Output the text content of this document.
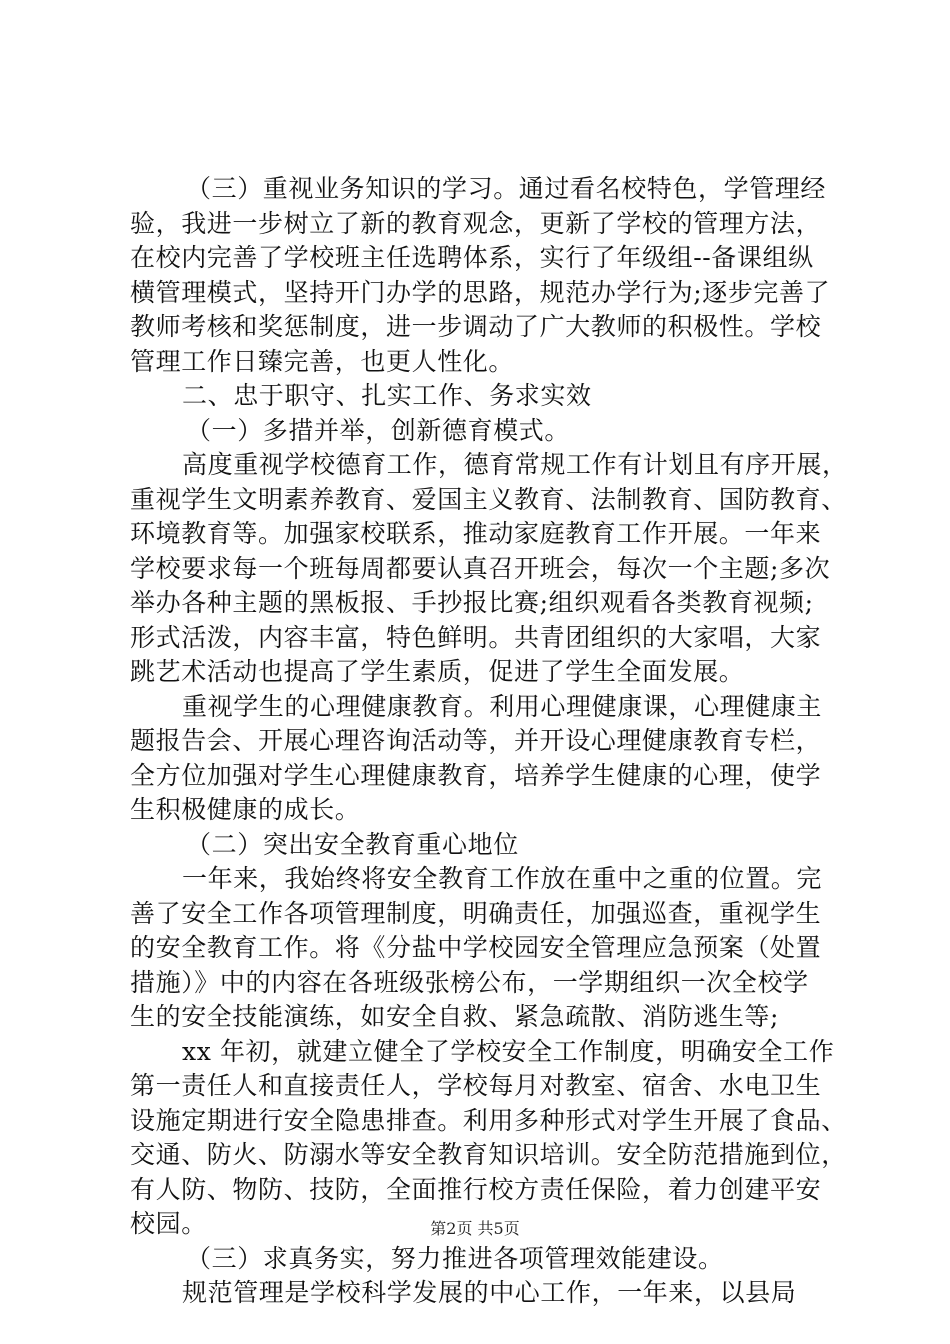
（三）重视业务知识的学习。通过看名校特色，学管理经
验，我进一步树立了新的教育观念，更新了学校的管理方法，
在校内完善了学校班主任选聘体系，实行了年级组--备课组纵
横管理模式，坚持开门办学的思路，规范办学行为;逐步完善了
教师考核和奖惩制度，进一步调动了广大教师的积极性。学校
管理工作日臻完善，也更人性化。
二、忠于职守、扎实工作、务求实效
（一）多措并举，创新德育模式。
高度重视学校德育工作，德育常规工作有计划且有序开展，
重视学生文明素养教育、爱国主义教育、法制教育、国防教育、
环境教育等。加强家校联系，推动家庭教育工作开展。一年来
学校要求每一个班每周都要认真召开班会，每次一个主题;多次
举办各种主题的黑板报、手抄报比赛;组织观看各类教育视频;
形式活泼，内容丰富，特色鲜明。共青团组织的大家唱，大家
跳艺术活动也提高了学生素质，促进了学生全面发展。
重视学生的心理健康教育。利用心理健康课，心理健康主
题报告会、开展心理咨询活动等，并开设心理健康教育专栏，
全方位加强对学生心理健康教育，培养学生健康的心理，使学
生积极健康的成长。
（二）突出安全教育重心地位
一年来，我始终将安全教育工作放在重中之重的位置。完
善了安全工作各项管理制度，明确责任，加强巡查，重视学生
的安全教育工作。将《分盐中学校园安全管理应急预案（处置
措施）》中的内容在各班级张榜公布，一学期组织一次全校学
生的安全技能演练，如安全自救、紧急疏散、消防逃生等;
xx 年初，就建立健全了学校安全工作制度，明确安全工作
第一责任人和直接责任人，学校每月对教室、宿舍、水电卫生
设施定期进行安全隐患排查。利用多种形式对学生开展了食品、
交通、防火、防溺水等安全教育知识培训。安全防范措施到位，
有人防、物防、技防，全面推行校方责任保险，着力创建平安
校园。
（三）求真务实，努力推进各项管理效能建设。
规范管理是学校科学发展的中心工作，一年来，以县局
第2页 共5页
